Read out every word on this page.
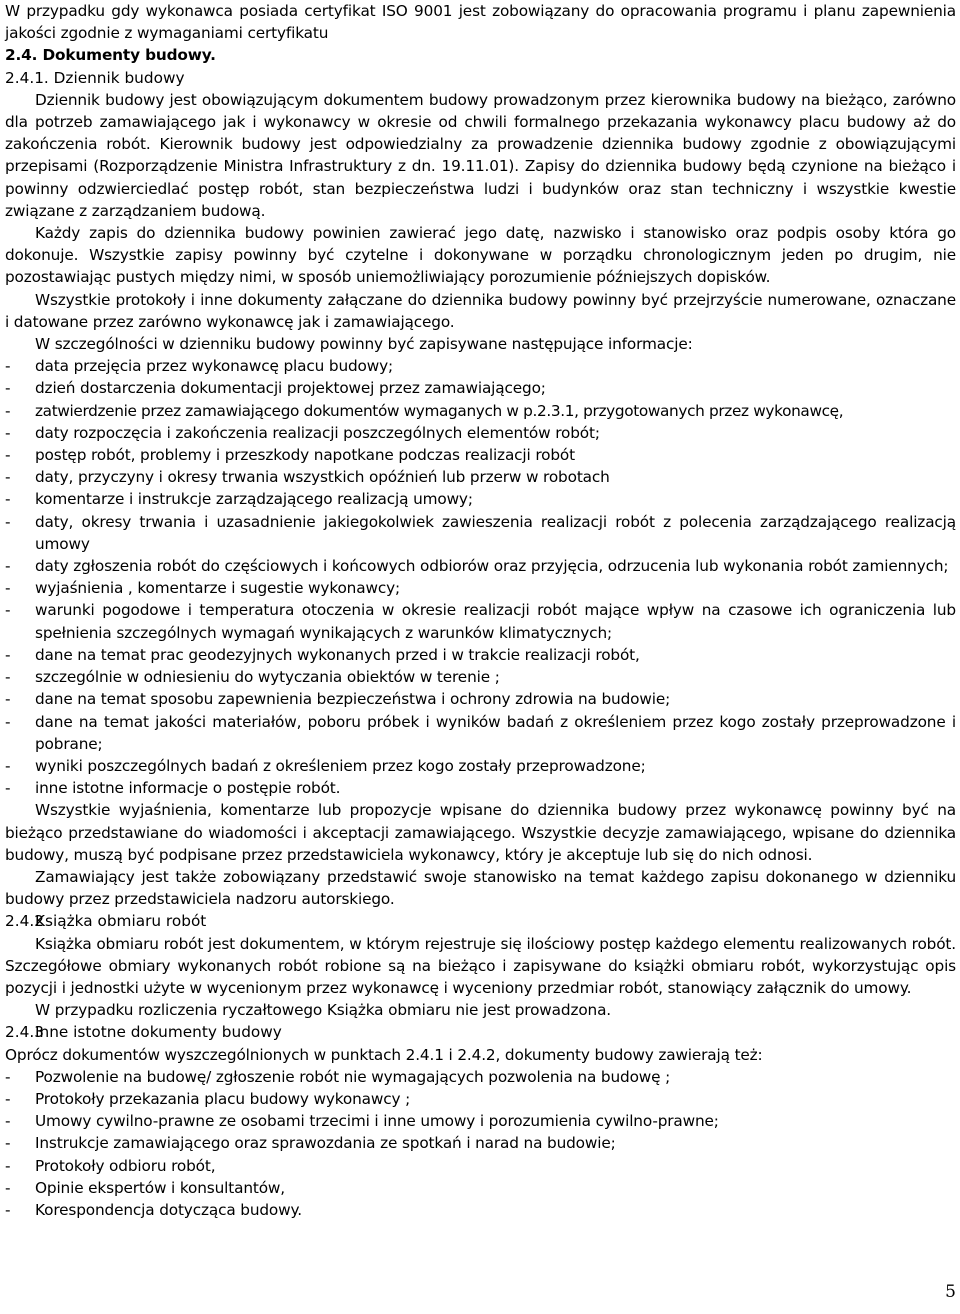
W przypadku gdy wykonawca posiada certyfikat ISO 9001 jest zobowiązany do opracowania programu i planu zapewnienia jakości zgodnie z wymaganiami certyfikatu

2.4. Dokumenty budowy.

2.4.1. Dziennik budowy

Dziennik budowy jest obowiązującym dokumentem budowy prowadzonym przez kierownika budowy na bieżąco, zarówno dla potrzeb zamawiającego jak i wykonawcy w okresie od chwili formalnego przekazania wykonawcy placu budowy aż do zakończenia robót. Kierownik budowy jest odpowiedzialny za prowadzenie dziennika budowy zgodnie z obowiązującymi przepisami (Rozporządzenie Ministra Infrastruktury z dn. 19.11.01). Zapisy do dziennika budowy będą czynione na bieżąco i powinny odzwierciedlać postęp robót, stan bezpieczeństwa ludzi i budynków oraz stan techniczny i wszystkie kwestie związane z zarządzaniem budową.

Każdy zapis do dziennika budowy powinien zawierać jego datę, nazwisko i stanowisko oraz podpis osoby która go dokonuje. Wszystkie zapisy powinny być czytelne i dokonywane w porządku chronologicznym jeden po drugim, nie pozostawiając pustych między nimi, w sposób uniemożliwiający porozumienie późniejszych dopisków.

Wszystkie protokoły i inne dokumenty załączane do dziennika budowy powinny być przejrzyście numerowane, oznaczane i datowane przez zarówno wykonawcę jak i zamawiającego.

W szczególności w dzienniku budowy powinny być zapisywane następujące informacje:

- data przejęcia przez wykonawcę placu budowy;
- dzień dostarczenia dokumentacji projektowej przez zamawiającego;
- zatwierdzenie przez zamawiającego dokumentów wymaganych w p.2.3.1, przygotowanych przez wykonawcę,
- daty rozpoczęcia i zakończenia realizacji poszczególnych elementów robót;
- postęp robót, problemy i przeszkody napotkane podczas realizacji robót
- daty, przyczyny i okresy trwania wszystkich opóźnień lub przerw w robotach
- komentarze i instrukcje zarządzającego realizacją umowy;
- daty, okresy trwania i uzasadnienie jakiegokolwiek zawieszenia realizacji robót z polecenia zarządzającego realizacją umowy
- daty zgłoszenia robót do częściowych i końcowych odbiorów oraz przyjęcia, odrzucenia lub wykonania robót zamiennych;
- wyjaśnienia , komentarze i sugestie wykonawcy;
- warunki pogodowe i temperatura otoczenia w okresie realizacji robót mające wpływ na czasowe ich ograniczenia lub spełnienia szczególnych wymagań wynikających z warunków klimatycznych;
- dane na temat prac geodezyjnych wykonanych przed i w trakcie realizacji robót,
- szczególnie w odniesieniu do wytyczania obiektów w terenie ;
- dane na temat sposobu zapewnienia bezpieczeństwa i ochrony zdrowia na budowie;
- dane na temat jakości materiałów, poboru próbek i wyników badań z określeniem przez kogo zostały przeprowadzone i pobrane;
- wyniki poszczególnych badań z określeniem przez kogo zostały przeprowadzone;
- inne istotne informacje o postępie robót.

Wszystkie wyjaśnienia, komentarze lub propozycje wpisane do dziennika budowy przez wykonawcę powinny być na bieżąco przedstawiane do wiadomości i akceptacji zamawiającego. Wszystkie decyzje zamawiającego, wpisane do dziennika budowy, muszą być podpisane przez przedstawiciela wykonawcy, który je akceptuje lub się do nich odnosi.

Zamawiający jest także zobowiązany przedstawić swoje stanowisko na temat każdego zapisu dokonanego w dzienniku budowy przez przedstawiciela nadzoru autorskiego.

2.4.2Książka obmiaru robót

Książka obmiaru robót jest dokumentem, w którym rejestruje się ilościowy postęp każdego elementu realizowanych robót. Szczegółowe obmiary wykonanych robót robione są na bieżąco i zapisywane do książki obmiaru robót, wykorzystując opis pozycji i jednostki użyte w wycenionym przez wykonawcę i wyceniony przedmiar robót, stanowiący załącznik do umowy.

W przypadku rozliczenia ryczałtowego Książka obmiaru nie jest prowadzona.

2.4.3Inne istotne dokumenty budowy

Oprócz dokumentów wyszczególnionych w punktach 2.4.1 i 2.4.2, dokumenty budowy zawierają też:

- Pozwolenie na budowę/ zgłoszenie robót nie wymagających pozwolenia na budowę ;
- Protokoły przekazania placu budowy wykonawcy ;
- Umowy cywilno-prawne ze osobami trzecimi i inne umowy i porozumienia cywilno-prawne;
- Instrukcje zamawiającego oraz sprawozdania ze spotkań i narad na budowie;
- Protokoły odbioru robót,
- Opinie ekspertów i konsultantów,
- Korespondencja dotycząca budowy.
5
